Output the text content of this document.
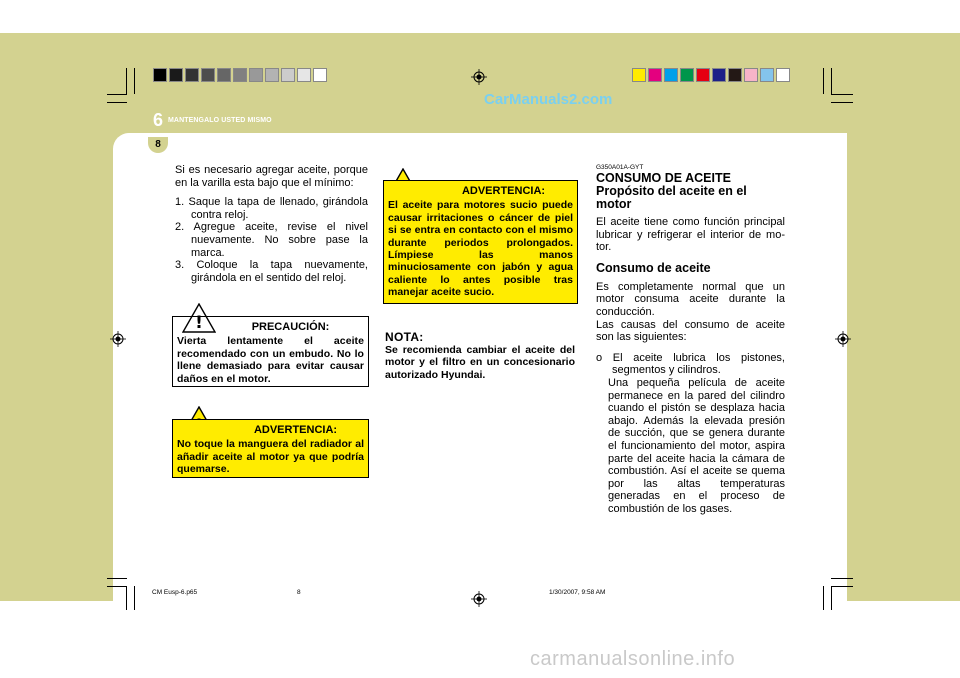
6 MANTENGALO USTED MISMO
CarManuals2.com
8

Si es necesario agregar aceite, porque en la varilla esta bajo que el mínimo:

1. Saque la tapa de llenado, girándola contra reloj.

2. Agregue aceite, revise el nivel nuevamente. No sobre pase la marca.

3. Coloque la tapa nuevamente, girándola en el sentido del reloj.

!	PRECAUCIÓN:
Vierta lentamente el aceite recomendado con un embudo. No lo llene demasiado para evitar causar daños en el motor.
ADVERTENCIA:
No toque la manguera del radiador al añadir aceite al motor ya que podría quemarse.
ADVERTENCIA:
El aceite para motores sucio puede causar irritaciones o cáncer de piel si se entra en contacto con el mismo durante periodos prolongados. Límpiese las manos minuciosamente con jabón y agua caliente lo antes posible tras manejar aceite sucio.
NOTA:
Se recomienda cambiar el aceite del motor y el filtro en un concesionario autorizado Hyundai.

G350A01A-GYT

CONSUMO DE ACEITE

Propósito del aceite en el motor

El aceite tiene como función principal lubricar y refrigerar el interior de mo-tor.

Consumo de aceite

Es completamente normal que un motor consuma aceite durante la conducción.

Las causas del consumo de aceite son las siguientes:

o El aceite lubrica los pistones, segmentos y cilindros.

Una pequeña película de aceite permanece en la pared del cilindro cuando el pistón se desplaza hacia abajo. Además la elevada presión de succión, que se genera durante el funcionamiento del motor, aspira parte del aceite hacia la cámara de combustión. Así el aceite se quema por las altas temperaturas generadas en el proceso de combustión de los gases.

CM Eusp-6.p65	8	1/30/2007, 9:58 AM
carmanualsonline.info
